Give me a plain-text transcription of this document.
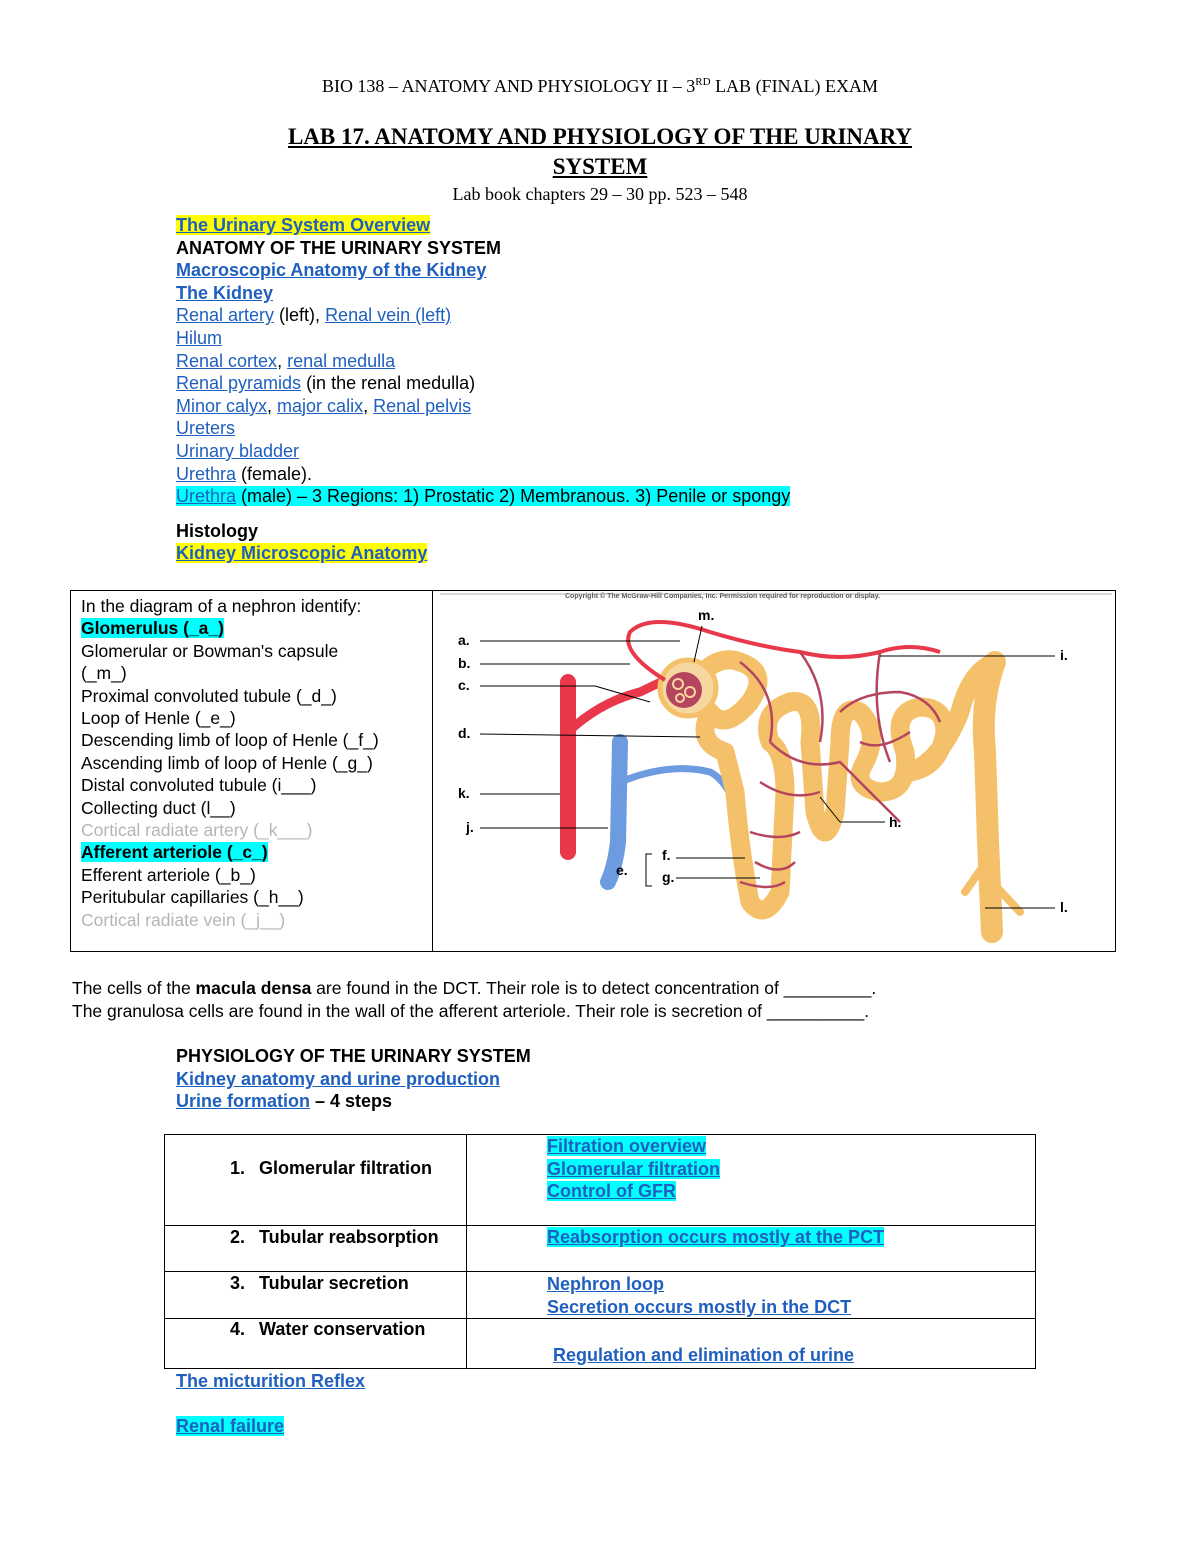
BIO 138 – ANATOMY AND PHYSIOLOGY II – 3RD LAB (FINAL) EXAM
LAB 17. ANATOMY AND PHYSIOLOGY OF THE URINARY
SYSTEM
Lab book chapters 29 – 30 pp. 523 – 548
The Urinary System Overview
ANATOMY OF THE URINARY SYSTEM
Macroscopic Anatomy of the Kidney
The Kidney
Renal artery (left), Renal vein (left)
Hilum
Renal cortex, renal medulla
Renal pyramids (in the renal medulla)
Minor calyx, major calix, Renal pelvis
Ureters
Urinary bladder
Urethra (female).
Urethra (male) – 3 Regions: 1) Prostatic 2) Membranous. 3) Penile or spongy
Histology
Kidney Microscopic Anatomy
In the diagram of a nephron identify:
Glomerulus (_a_)
Glomerular or Bowman's capsule
(_m_)
Proximal convoluted tubule (_d_)
Loop of Henle (_e_)
Descending limb of loop of Henle (_f_)
Ascending limb of loop of Henle (_g_)
Distal convoluted tubule (i___)
Collecting duct (l__)
Cortical radiate artery (_k___)
Afferent arteriole (_c_)
Efferent arteriole (_b_)
Peritubular capillaries (_h__)
Cortical radiate vein (_j__)
Copyright © The McGraw-Hill Companies, Inc. Permission required for reproduction or display.
a.
b.
c.
d.
k.
j.
e.
f.
g.
h.
i.
l.
m.
The cells of the macula densa are found in the DCT. Their role is to detect concentration of _________.
The granulosa cells are found in the wall of the afferent arteriole. Their role is secretion of __________.
PHYSIOLOGY OF THE URINARY SYSTEM
Kidney anatomy and urine production
Urine formation – 4 steps
1. Glomerular filtration	Filtration overview
Glomerular filtration
Control of GFR

2. Tubular reabsorption	Reabsorption occurs mostly at the PCT

3. Tubular secretion	Nephron loop
Secretion occurs mostly in the DCT

4. Water conservation	Regulation and elimination of urine
The micturition Reflex
Renal failure
